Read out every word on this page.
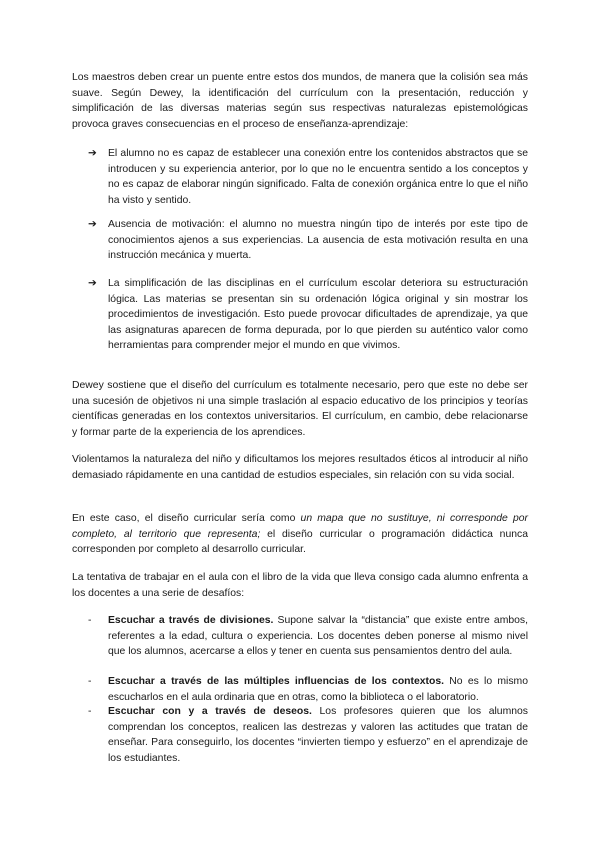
Los maestros deben crear un puente entre estos dos mundos, de manera que la colisión sea más suave. Según Dewey, la identificación del currículum con la presentación, reducción y simplificación de las diversas materias según sus respectivas naturalezas epistemológicas provoca graves consecuencias en el proceso de enseñanza-aprendizaje:

➔	El alumno no es capaz de establecer una conexión entre los contenidos abstractos que se introducen y su experiencia anterior, por lo que no le encuentra sentido a los conceptos y no es capaz de elaborar ningún significado. Falta de conexión orgánica entre lo que el niño ha visto y sentido.
➔	Ausencia de motivación: el alumno no muestra ningún tipo de interés por este tipo de conocimientos ajenos a sus experiencias. La ausencia de esta motivación resulta en una instrucción mecánica y muerta.
➔	La simplificación de las disciplinas en el currículum escolar deteriora su estructuración lógica. Las materias se presentan sin su ordenación lógica original y sin mostrar los procedimientos de investigación. Esto puede provocar dificultades de aprendizaje, ya que las asignaturas aparecen de forma depurada, por lo que pierden su auténtico valor como herramientas para comprender mejor el mundo en que vivimos.

Dewey sostiene que el diseño del currículum es totalmente necesario, pero que este no debe ser una sucesión de objetivos ni una simple traslación al espacio educativo de los principios y teorías científicas generadas en los contextos universitarios. El currículum, en cambio, debe relacionarse y formar parte de la experiencia de los aprendices.

Violentamos la naturaleza del niño y dificultamos los mejores resultados éticos al introducir al niño demasiado rápidamente en una cantidad de estudios especiales, sin relación con su vida social.

En este caso, el diseño curricular sería como un mapa que no sustituye, ni corresponde por completo, al territorio que representa; el diseño curricular o programación didáctica nunca corresponden por completo al desarrollo curricular.

La tentativa de trabajar en el aula con el libro de la vida que lleva consigo cada alumno enfrenta a los docentes a una serie de desafíos:

- Escuchar a través de divisiones. Supone salvar la “distancia” que existe entre ambos, referentes a la edad, cultura o experiencia. Los docentes deben ponerse al mismo nivel que los alumnos, acercarse a ellos y tener en cuenta sus pensamientos dentro del aula.
- Escuchar a través de las múltiples influencias de los contextos. No es lo mismo escucharlos en el aula ordinaria que en otras, como la biblioteca o el laboratorio.
- Escuchar con y a través de deseos. Los profesores quieren que los alumnos comprendan los conceptos, realicen las destrezas y valoren las actitudes que tratan de enseñar. Para conseguirlo, los docentes “invierten tiempo y esfuerzo” en el aprendizaje de los estudiantes.
